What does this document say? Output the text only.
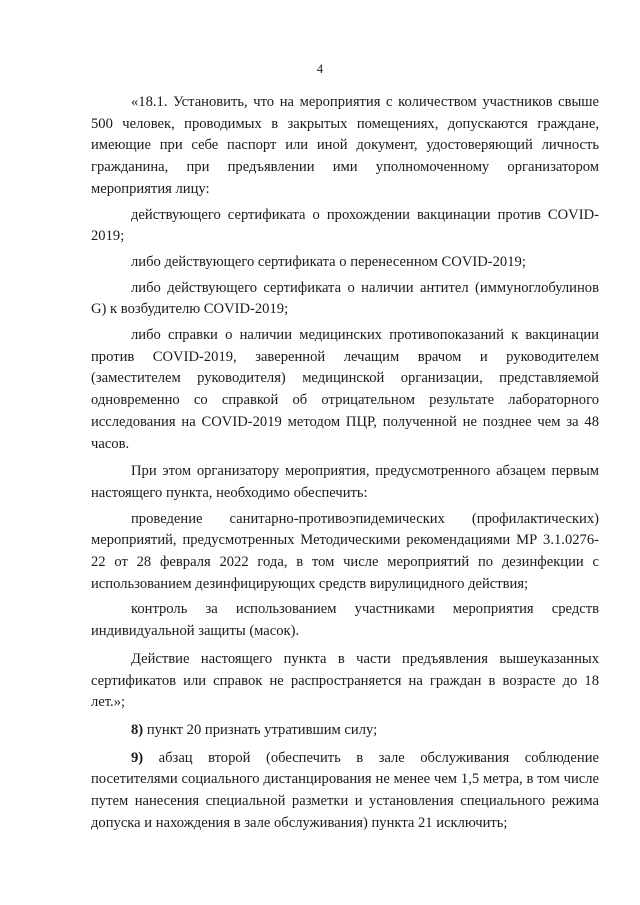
4

«18.1. Установить, что на мероприятия с количеством участников свыше 500 человек, проводимых в закрытых помещениях, допускаются граждане, имеющие при себе паспорт или иной документ, удостоверяющий личность гражданина, при предъявлении ими уполномоченному организатором мероприятия лицу:

действующего сертификата о прохождении вакцинации против COVID-2019;

либо действующего сертификата о перенесенном COVID-2019;

либо действующего сертификата о наличии антител (иммуноглобулинов G) к возбудителю COVID-2019;

либо справки о наличии медицинских противопоказаний к вакцинации против COVID-2019, заверенной лечащим врачом и руководителем (заместителем руководителя) медицинской организации, представляемой одновременно со справкой об отрицательном результате лабораторного исследования на COVID-2019 методом ПЦР, полученной не позднее чем за 48 часов.

При этом организатору мероприятия, предусмотренного абзацем первым настоящего пункта, необходимо обеспечить:

проведение санитарно-противоэпидемических (профилактических) мероприятий, предусмотренных Методическими рекомендациями МР 3.1.0276-22 от 28 февраля 2022 года, в том числе мероприятий по дезинфекции с использованием дезинфицирующих средств вирулицидного действия;

контроль за использованием участниками мероприятия средств индивидуальной защиты (масок).

Действие настоящего пункта в части предъявления вышеуказанных сертификатов или справок не распространяется на граждан в возрасте до 18 лет.»;

8) пункт 20 признать утратившим силу;

9) абзац второй (обеспечить в зале обслуживания соблюдение посетителями социального дистанцирования не менее чем 1,5 метра, в том числе путем нанесения специальной разметки и установления специального режима допуска и нахождения в зале обслуживания) пункта 21 исключить;
